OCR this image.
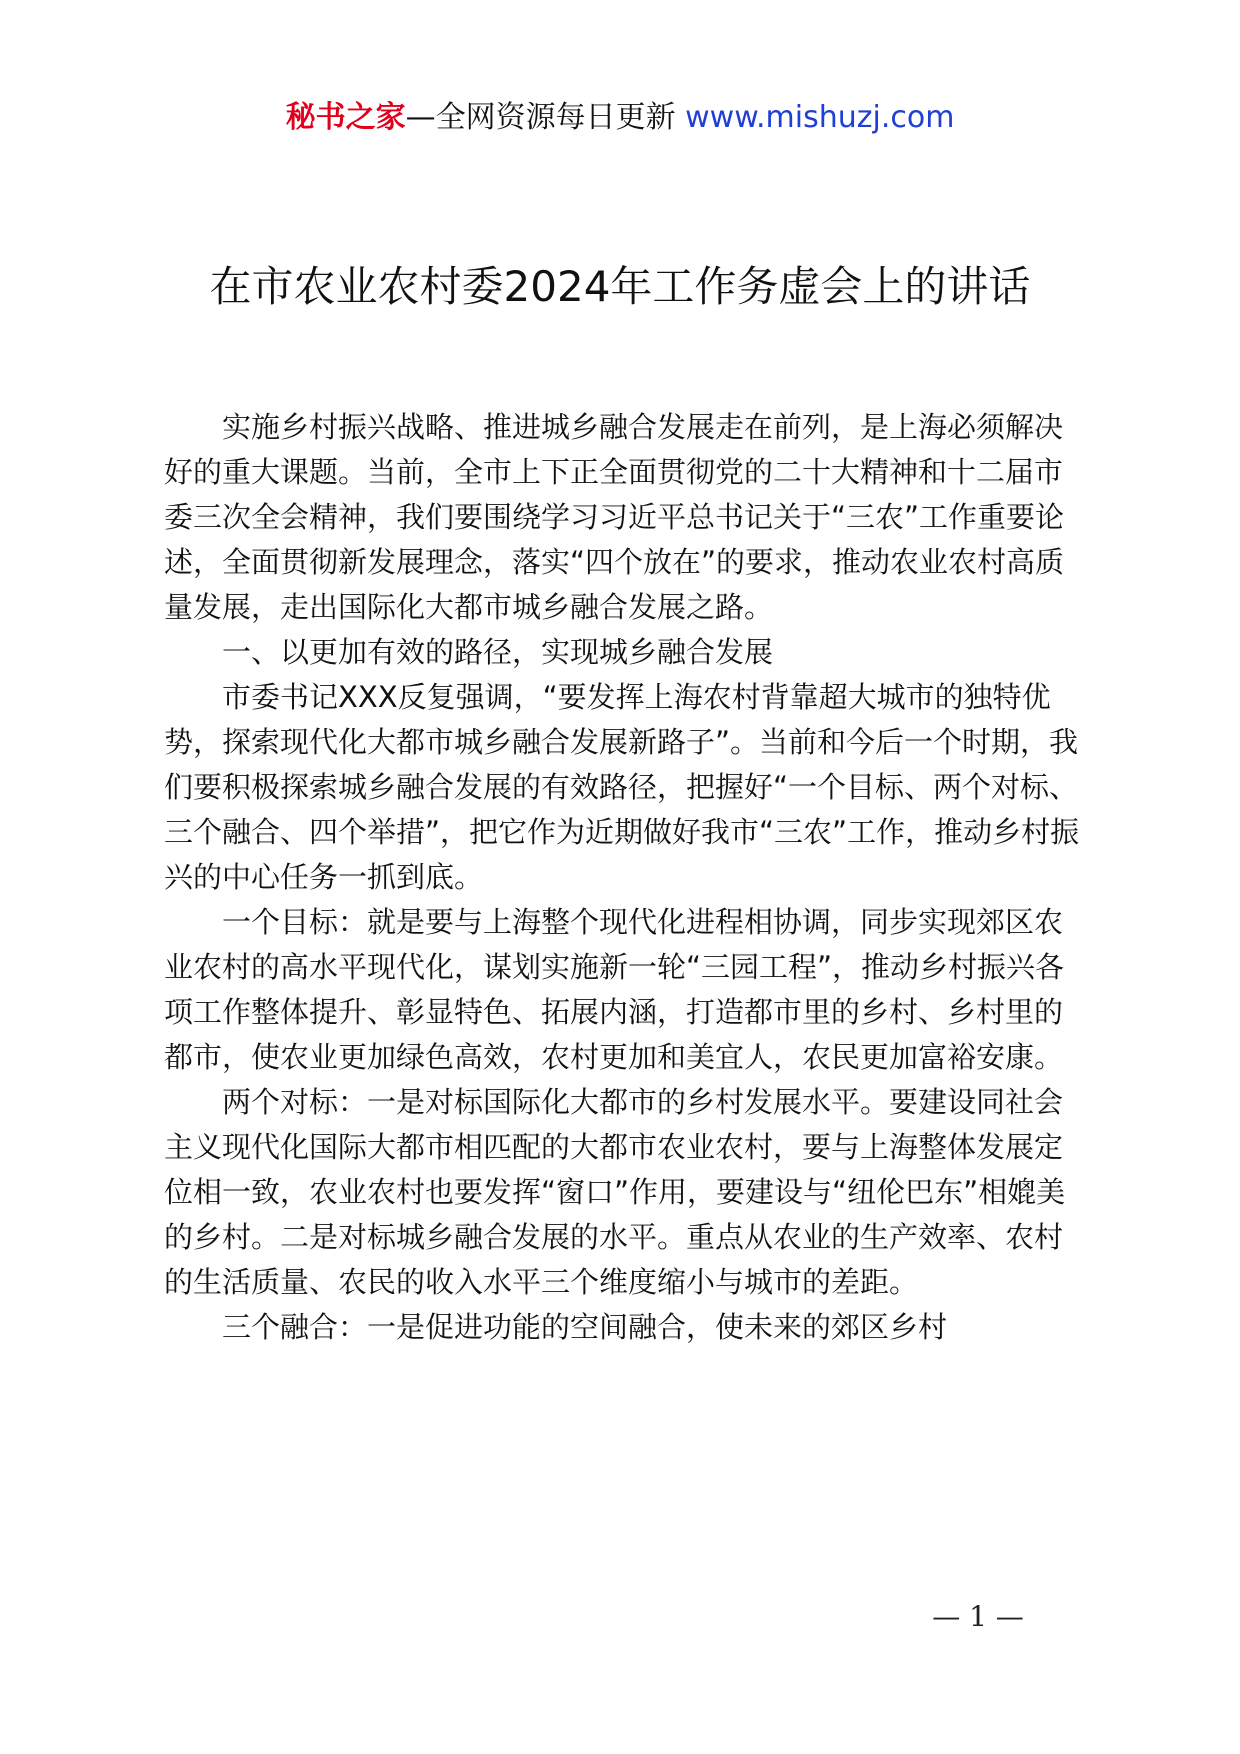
秘书之家—全网资源每日更新 www.mishuzj.com
在市农业农村委2024年工作务虚会上的讲话

实施乡村振兴战略、推进城乡融合发展走在前列，是上海必须解决好的重大课题。当前，全市上下正全面贯彻党的二十大精神和十二届市委三次全会精神，我们要围绕学习习近平总书记关于“三农”工作重要论述，全面贯彻新发展理念，落实“四个放在”的要求，推动农业农村高质量发展，走出国际化大都市城乡融合发展之路。

一、以更加有效的路径，实现城乡融合发展

市委书记XXX反复强调，“要发挥上海农村背靠超大城市的独特优势，探索现代化大都市城乡融合发展新路子”。当前和今后一个时期，我们要积极探索城乡融合发展的有效路径，把握好“一个目标、两个对标、三个融合、四个举措”，把它作为近期做好我市“三农”工作，推动乡村振兴的中心任务一抓到底。

一个目标：就是要与上海整个现代化进程相协调，同步实现郊区农业农村的高水平现代化，谋划实施新一轮“三园工程”，推动乡村振兴各项工作整体提升、彰显特色、拓展内涵，打造都市里的乡村、乡村里的都市，使农业更加绿色高效，农村更加和美宜人，农民更加富裕安康。

两个对标：一是对标国际化大都市的乡村发展水平。要建设同社会主义现代化国际大都市相匹配的大都市农业农村，要与上海整体发展定位相一致，农业农村也要发挥“窗口”作用，要建设与“纽伦巴东”相媲美的乡村。二是对标城乡融合发展的水平。重点从农业的生产效率、农村的生活质量、农民的收入水平三个维度缩小与城市的差距。

三个融合：一是促进功能的空间融合，使未来的郊区乡村

— 1 —
